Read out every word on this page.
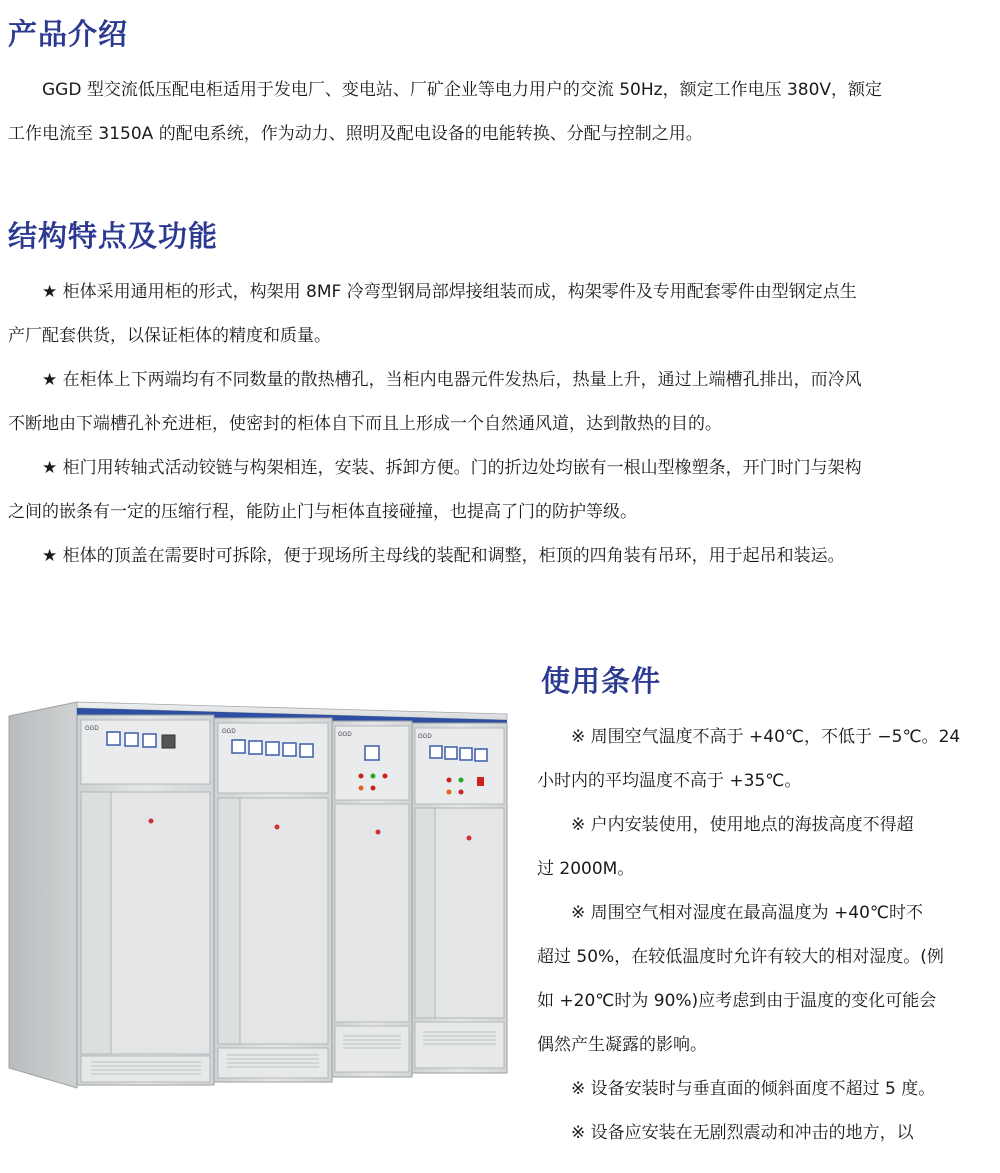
产品介绍
GGD 型交流低压配电柜适用于发电厂、变电站、厂矿企业等电力用户的交流 50Hz，额定工作电压 380V，额定
工作电流至 3150A 的配电系统，作为动力、照明及配电设备的电能转换、分配与控制之用。
结构特点及功能
★ 柜体采用通用柜的形式，构架用 8MF 冷弯型钢局部焊接组装而成，构架零件及专用配套零件由型钢定点生
产厂配套供货，以保证柜体的精度和质量。
★ 在柜体上下两端均有不同数量的散热槽孔，当柜内电器元件发热后，热量上升，通过上端槽孔排出，而冷风
不断地由下端槽孔补充进柜，使密封的柜体自下而且上形成一个自然通风道，达到散热的目的。
★ 柜门用转轴式活动铰链与构架相连，安装、拆卸方便。门的折边处均嵌有一根山型橡塑条，开门时门与架构
之间的嵌条有一定的压缩行程，能防止门与柜体直接碰撞，也提高了门的防护等级。
★ 柜体的顶盖在需要时可拆除，便于现场所主母线的装配和调整，柜顶的四角装有吊环，用于起吊和装运。
使用条件
※ 周围空气温度不高于 +40℃，不低于 −5℃。24
小时内的平均温度不高于 +35℃。
※ 户内安装使用，使用地点的海拔高度不得超
过 2000M。
※ 周围空气相对湿度在最高温度为 +40℃时不
超过 50%，在较低温度时允许有较大的相对湿度。(例
如 +20℃时为 90%)应考虑到由于温度的变化可能会
偶然产生凝露的影响。
※ 设备安装时与垂直面的倾斜面度不超过 5 度。
※ 设备应安装在无剧烈震动和冲击的地方，以
GGD	GGD	GGD	GGD
